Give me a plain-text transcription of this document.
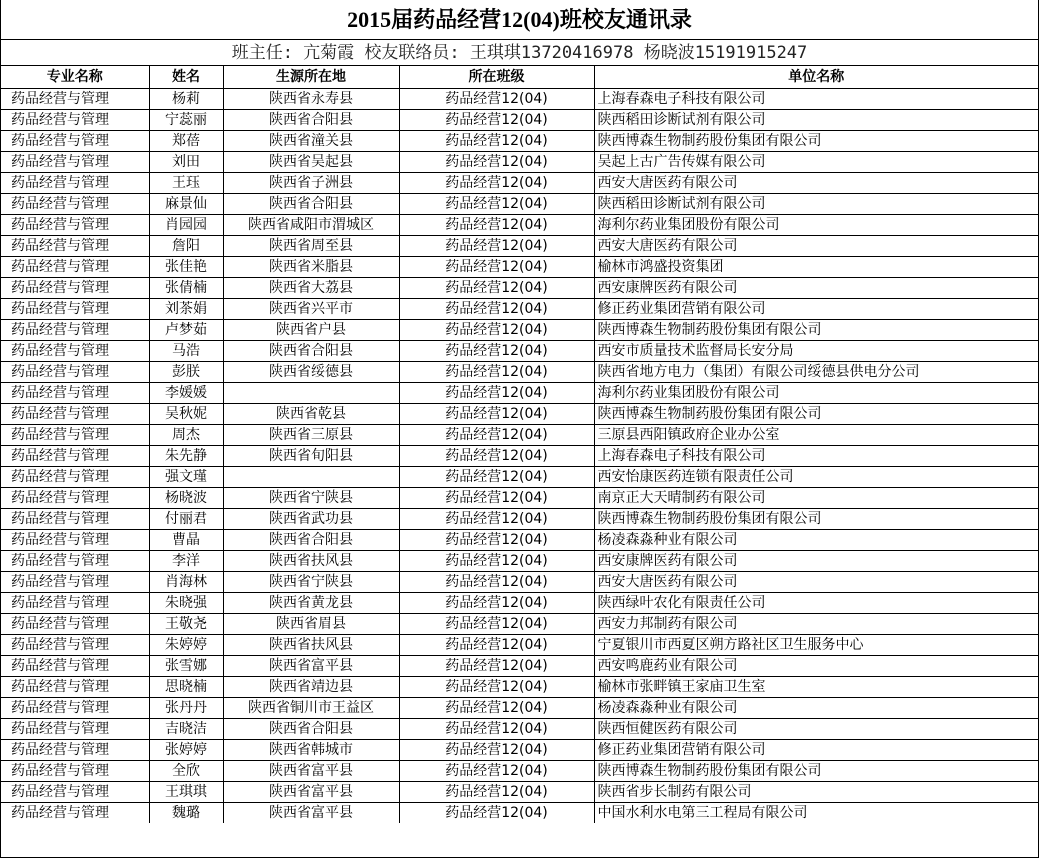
2015届药品经营12(04)班校友通讯录
班主任: 亢菊霞 校友联络员: 王琪琪13720416978 杨晓波15191915247
专业名称	姓名	生源所在地	所在班级	单位名称
药品经营与管理	杨莉	陕西省永寿县	药品经营12(04)	上海春森电子科技有限公司
药品经营与管理	宁蕊丽	陕西省合阳县	药品经营12(04)	陕西稻田诊断试剂有限公司
药品经营与管理	郑蓓	陕西省潼关县	药品经营12(04)	陕西博森生物制药股份集团有限公司
药品经营与管理	刘田	陕西省吴起县	药品经营12(04)	吴起上古广告传媒有限公司
药品经营与管理	王珏	陕西省子洲县	药品经营12(04)	西安大唐医药有限公司
药品经营与管理	麻景仙	陕西省合阳县	药品经营12(04)	陕西稻田诊断试剂有限公司
药品经营与管理	肖园园	陕西省咸阳市渭城区	药品经营12(04)	海利尔药业集团股份有限公司
药品经营与管理	詹阳	陕西省周至县	药品经营12(04)	西安大唐医药有限公司
药品经营与管理	张佳艳	陕西省米脂县	药品经营12(04)	榆林市鸿盛投资集团
药品经营与管理	张倩楠	陕西省大荔县	药品经营12(04)	西安康牌医药有限公司
药品经营与管理	刘茶娟	陕西省兴平市	药品经营12(04)	修正药业集团营销有限公司
药品经营与管理	卢梦茹	陕西省户县	药品经营12(04)	陕西博森生物制药股份集团有限公司
药品经营与管理	马浩	陕西省合阳县	药品经营12(04)	西安市质量技术监督局长安分局
药品经营与管理	彭朕	陕西省绥德县	药品经营12(04)	陕西省地方电力（集团）有限公司绥德县供电分公司
药品经营与管理	李媛媛		药品经营12(04)	海利尔药业集团股份有限公司
药品经营与管理	吴秋妮	陕西省乾县	药品经营12(04)	陕西博森生物制药股份集团有限公司
药品经营与管理	周杰	陕西省三原县	药品经营12(04)	三原县西阳镇政府企业办公室
药品经营与管理	朱先静	陕西省旬阳县	药品经营12(04)	上海春森电子科技有限公司
药品经营与管理	强文瑾		药品经营12(04)	西安怡康医药连锁有限责任公司
药品经营与管理	杨晓波	陕西省宁陕县	药品经营12(04)	南京正大天晴制药有限公司
药品经营与管理	付丽君	陕西省武功县	药品经营12(04)	陕西博森生物制药股份集团有限公司
药品经营与管理	曹晶	陕西省合阳县	药品经营12(04)	杨凌森淼种业有限公司
药品经营与管理	李洋	陕西省扶风县	药品经营12(04)	西安康牌医药有限公司
药品经营与管理	肖海林	陕西省宁陕县	药品经营12(04)	西安大唐医药有限公司
药品经营与管理	朱晓强	陕西省黄龙县	药品经营12(04)	陕西绿叶农化有限责任公司
药品经营与管理	王敬尧	陕西省眉县	药品经营12(04)	西安力邦制药有限公司
药品经营与管理	朱婷婷	陕西省扶风县	药品经营12(04)	宁夏银川市西夏区朔方路社区卫生服务中心
药品经营与管理	张雪娜	陕西省富平县	药品经营12(04)	西安鸣鹿药业有限公司
药品经营与管理	思晓楠	陕西省靖边县	药品经营12(04)	榆林市张畔镇王家庙卫生室
药品经营与管理	张丹丹	陕西省铜川市王益区	药品经营12(04)	杨凌森淼种业有限公司
药品经营与管理	吉晓洁	陕西省合阳县	药品经营12(04)	陕西恒健医药有限公司
药品经营与管理	张婷婷	陕西省韩城市	药品经营12(04)	修正药业集团营销有限公司
药品经营与管理	全欣	陕西省富平县	药品经营12(04)	陕西博森生物制药股份集团有限公司
药品经营与管理	王琪琪	陕西省富平县	药品经营12(04)	陕西省步长制药有限公司
药品经营与管理	魏璐	陕西省富平县	药品经营12(04)	中国水利水电第三工程局有限公司
